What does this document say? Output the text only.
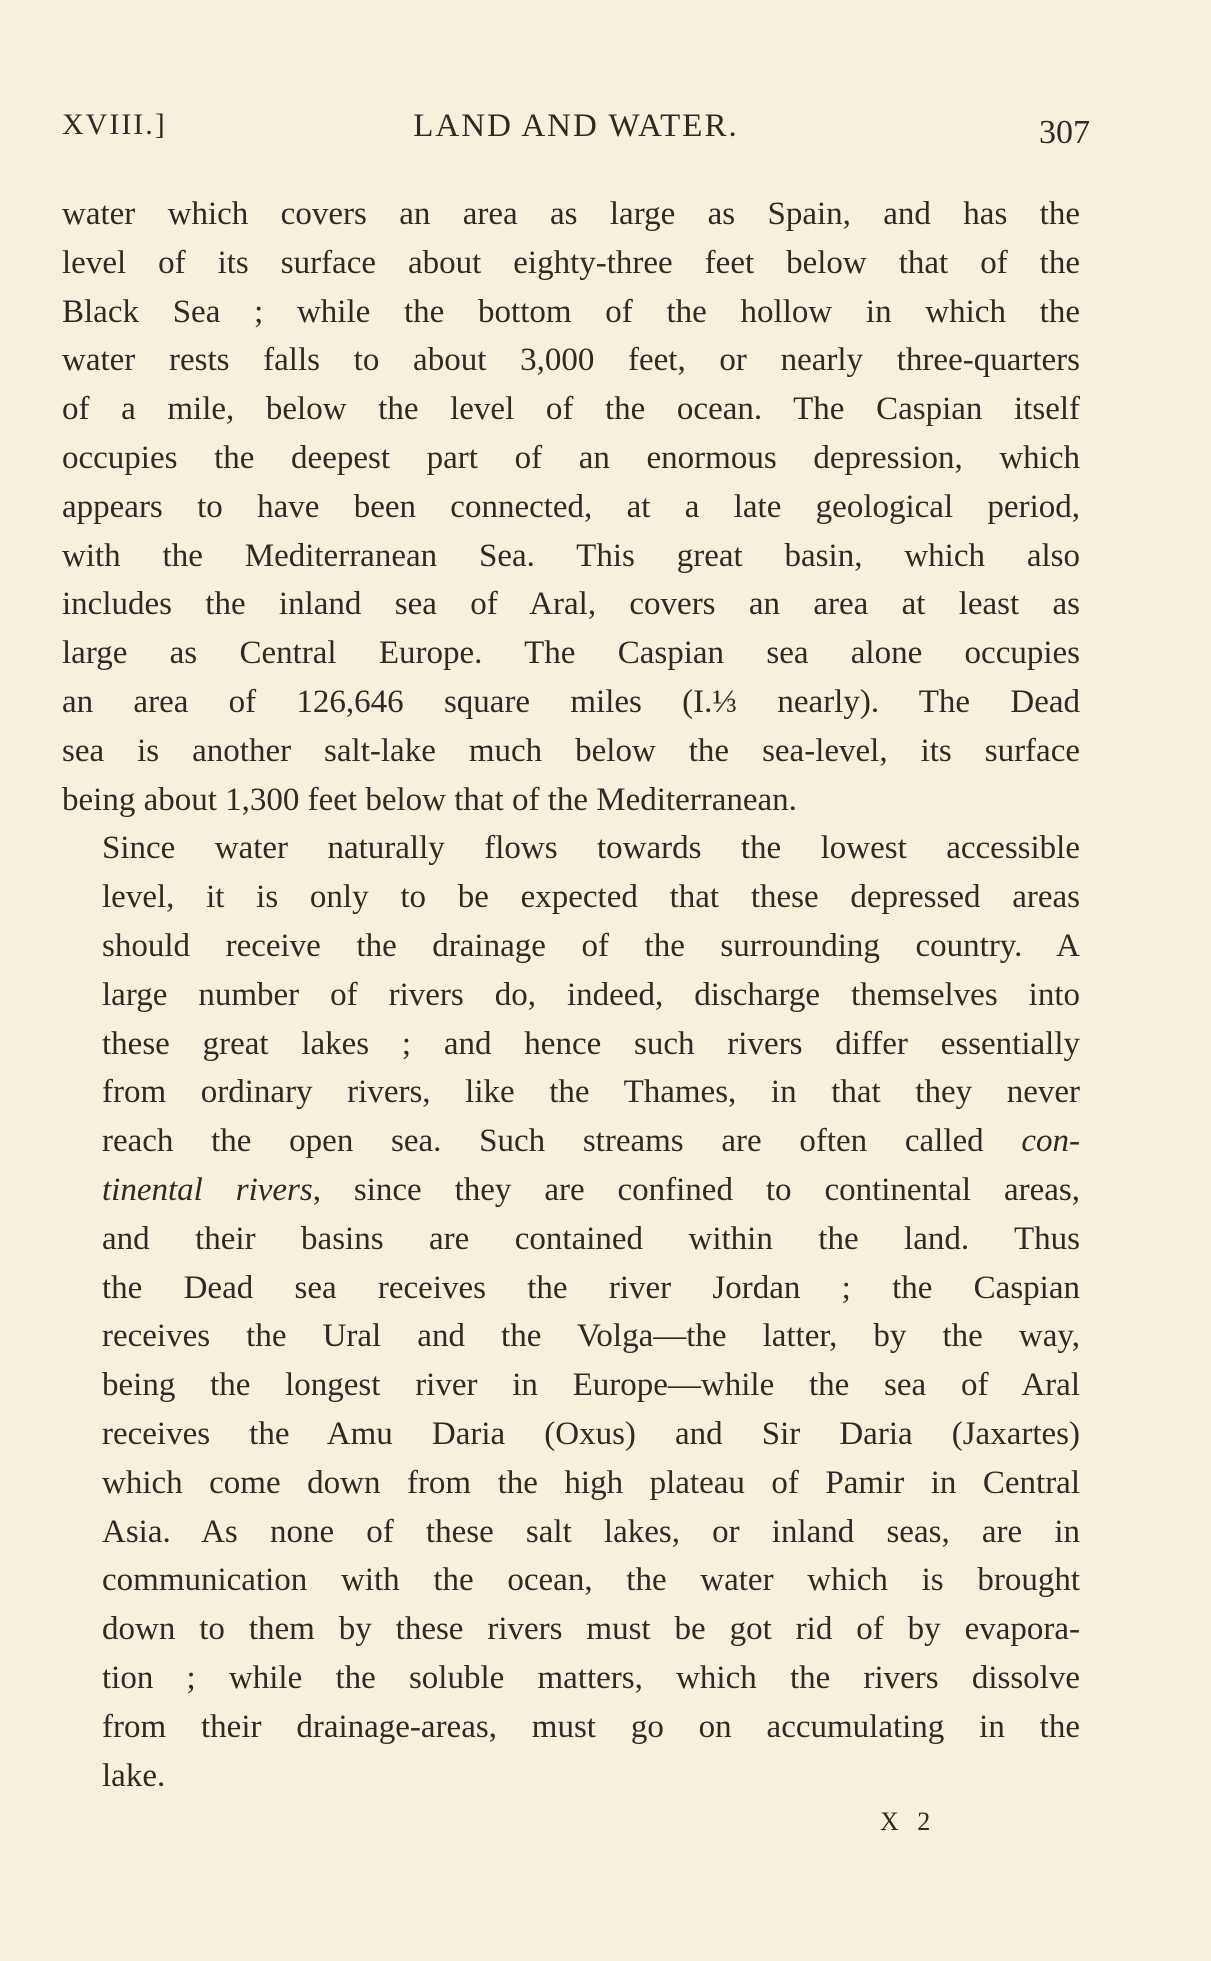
XVIII.]	LAND AND WATER.	307

water which covers an area as large as Spain, and has the
level of its surface about eighty-three feet below that of the
Black Sea ; while the bottom of the hollow in which the
water rests falls to about 3,000 feet, or nearly three-quarters
of a mile, below the level of the ocean. The Caspian itself
occupies the deepest part of an enormous depression, which
appears to have been connected, at a late geological period,
with the Mediterranean Sea. This great basin, which also
includes the inland sea of Aral, covers an area at least as
large as Central Europe. The Caspian sea alone occupies
an area of 126,646 square miles (I.⅓ nearly). The Dead
sea is another salt-lake much below the sea-level, its surface
being about 1,300 feet below that of the Mediterranean.

Since water naturally flows towards the lowest accessible
level, it is only to be expected that these depressed areas
should receive the drainage of the surrounding country. A
large number of rivers do, indeed, discharge themselves into
these great lakes ; and hence such rivers differ essentially
from ordinary rivers, like the Thames, in that they never
reach the open sea. Such streams are often called con-
tinental rivers, since they are confined to continental areas,
and their basins are contained within the land. Thus
the Dead sea receives the river Jordan ; the Caspian
receives the Ural and the Volga—the latter, by the way,
being the longest river in Europe—while the sea of Aral
receives the Amu Daria (Oxus) and Sir Daria (Jaxartes)
which come down from the high plateau of Pamir in Central
Asia. As none of these salt lakes, or inland seas, are in
communication with the ocean, the water which is brought
down to them by these rivers must be got rid of by evapora-
tion ; while the soluble matters, which the rivers dissolve
from their drainage-areas, must go on accumulating in the
lake.

X 2
